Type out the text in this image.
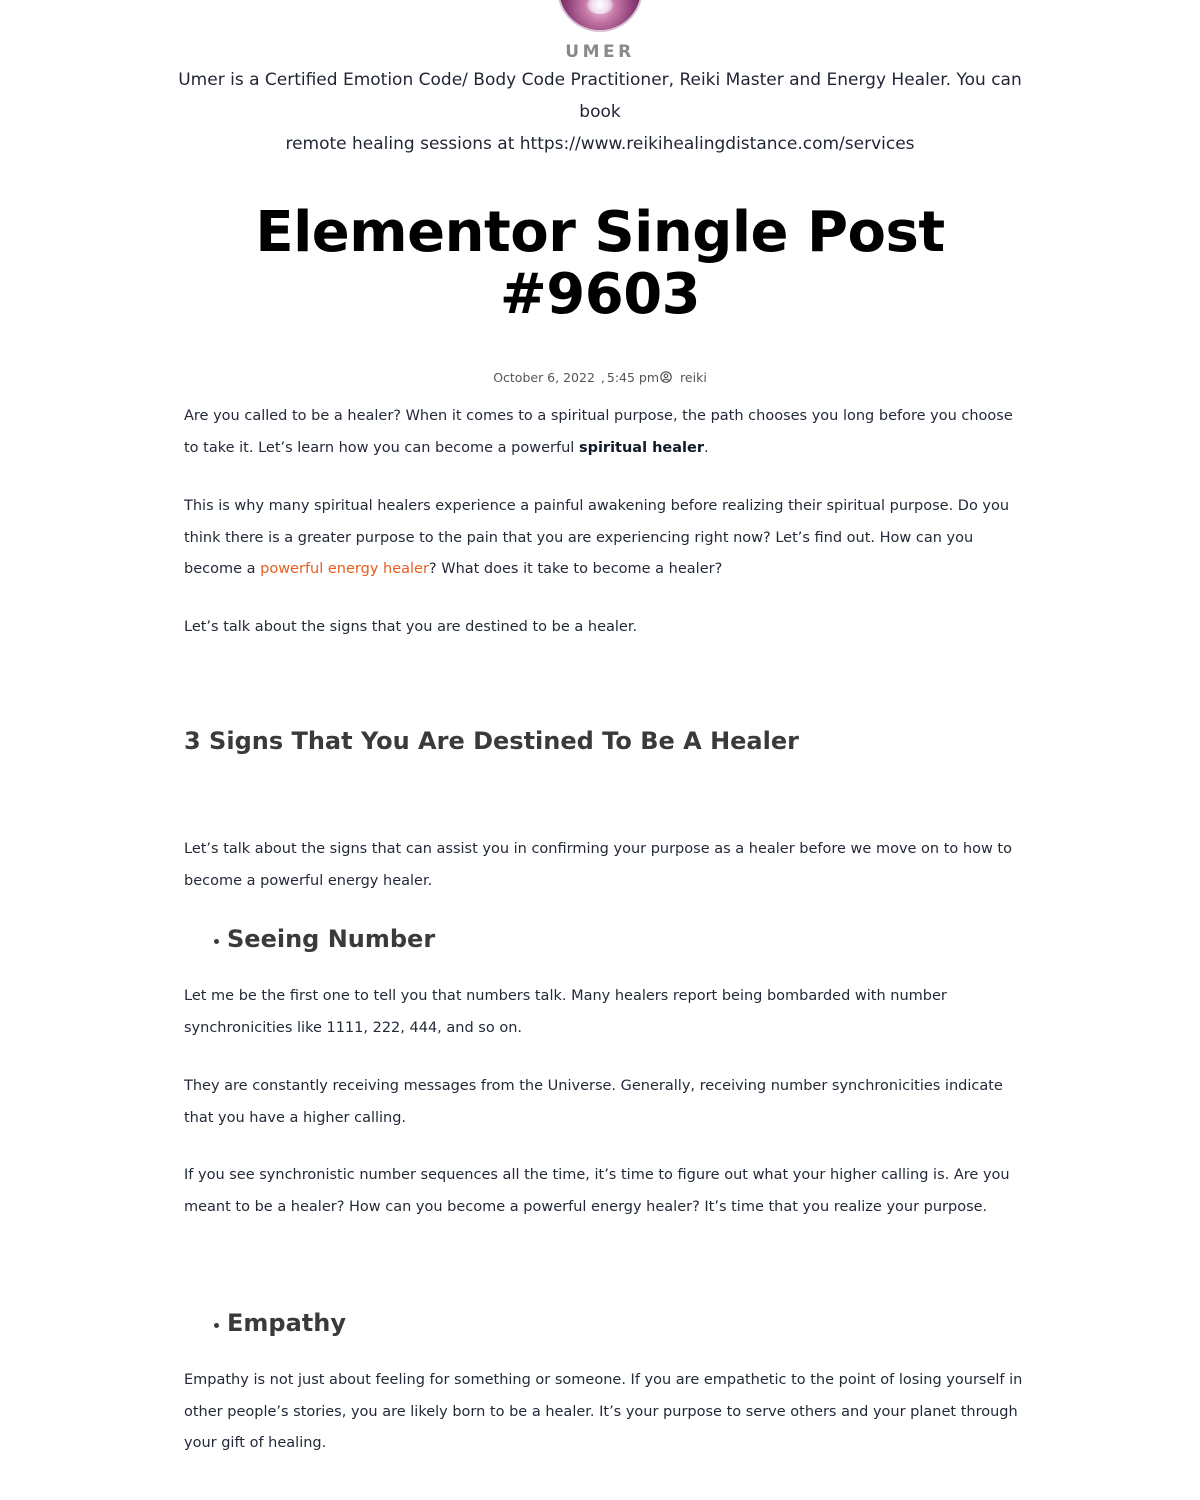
UMER
Umer is a Certified Emotion Code/ Body Code Practitioner, Reiki Master and Energy Healer. You can book
remote healing sessions at https://www.reikihealingdistance.com/services
Elementor Single Post
#9603
October 6, 2022 , 5:45 pm reiki

Are you called to be a healer? When it comes to a spiritual purpose, the path chooses you long before you choose to take it. Let’s learn how you can become a powerful spiritual healer.

This is why many spiritual healers experience a painful awakening before realizing their spiritual purpose. Do you think there is a greater purpose to the pain that you are experiencing right now? Let’s find out. How can you become a powerful energy healer? What does it take to become a healer?

Let’s talk about the signs that you are destined to be a healer.

3 Signs That You Are Destined To Be A Healer

Let’s talk about the signs that can assist you in confirming your purpose as a healer before we move on to how to become a powerful energy healer.

Seeing Number

Let me be the first one to tell you that numbers talk. Many healers report being bombarded with number synchronicities like 1111, 222, 444, and so on.

They are constantly receiving messages from the Universe. Generally, receiving number synchronicities indicate that you have a higher calling.

If you see synchronistic number sequences all the time, it’s time to figure out what your higher calling is. Are you meant to be a healer? How can you become a powerful energy healer? It’s time that you realize your purpose.

Empathy

Empathy is not just about feeling for something or someone. If you are empathetic to the point of losing yourself in other people’s stories, you are likely born to be a healer. It’s your purpose to serve others and your planet through your gift of healing.
